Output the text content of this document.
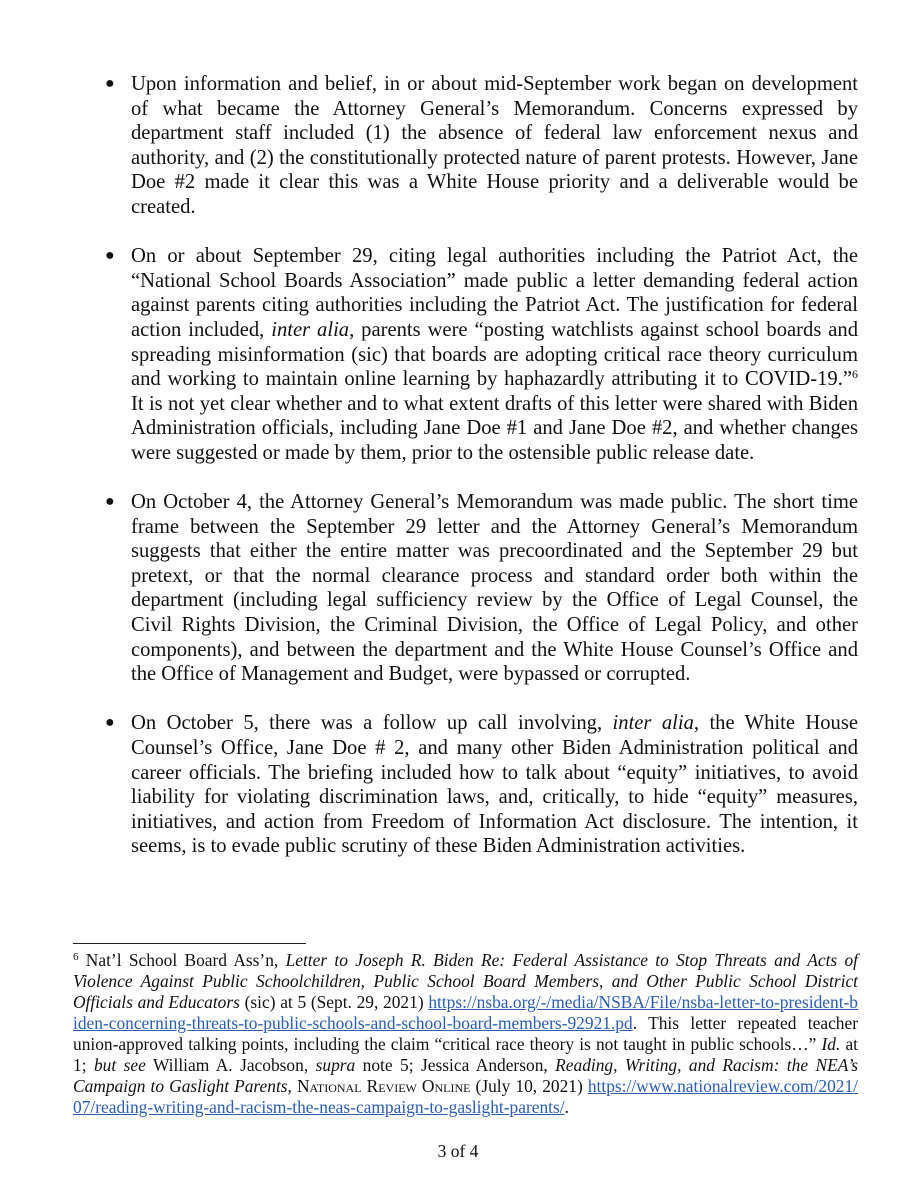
● Upon information and belief, in or about mid-September work began on development of what became the Attorney General’s Memorandum. Concerns expressed by department staff included (1) the absence of federal law enforcement nexus and authority, and (2) the constitutionally protected nature of parent protests. However, Jane Doe #2 made it clear this was a White House priority and a deliverable would be created.
● On or about September 29, citing legal authorities including the Patriot Act, the “National School Boards Association” made public a letter demanding federal action against parents citing authorities including the Patriot Act. The justification for federal action included, inter alia, parents were “posting watchlists against school boards and spreading misinformation (sic) that boards are adopting critical race theory curriculum and working to maintain online learning by haphazardly attributing it to COVID-19.”$^6$ It is not yet clear whether and to what extent drafts of this letter were shared with Biden Administration officials, including Jane Doe #1 and Jane Doe #2, and whether changes were suggested or made by them, prior to the ostensible public release date.
● On October 4, the Attorney General’s Memorandum was made public. The short time frame between the September 29 letter and the Attorney General’s Memorandum suggests that either the entire matter was precoordinated and the September 29 but pretext, or that the normal clearance process and standard order both within the department (including legal sufficiency review by the Office of Legal Counsel, the Civil Rights Division, the Criminal Division, the Office of Legal Policy, and other components), and between the department and the White House Counsel’s Office and the Office of Management and Budget, were bypassed or corrupted.
● On October 5, there was a follow up call involving, inter alia, the White House Counsel’s Office, Jane Doe # 2, and many other Biden Administration political and career officials. The briefing included how to talk about “equity” initiatives, to avoid liability for violating discrimination laws, and, critically, to hide “equity” measures, initiatives, and action from Freedom of Information Act disclosure. The intention, it seems, is to evade public scrutiny of these Biden Administration activities.
$^6$ Nat’l School Board Ass’n, Letter to Joseph R. Biden Re: Federal Assistance to Stop Threats and Acts of Violence Against Public Schoolchildren, Public School Board Members, and Other Public School District Officials and Educators (sic) at 5 (Sept. 29, 2021) https://nsba.org/-/media/NSBA/File/nsba-letter-to-president-biden-concerning-threats-to-public-schools-and-school-board-members-92921.pd. This letter repeated teacher union-approved talking points, including the claim “critical race theory is not taught in public schools…” Id. at 1; but see William A. Jacobson, supra note 5; Jessica Anderson, Reading, Writing, and Racism: the NEA’s Campaign to Gaslight Parents, National Review Online (July 10, 2021) https://www.nationalreview.com/2021/07/reading-writing-and-racism-the-neas-campaign-to-gaslight-parents/.
3 of 4
